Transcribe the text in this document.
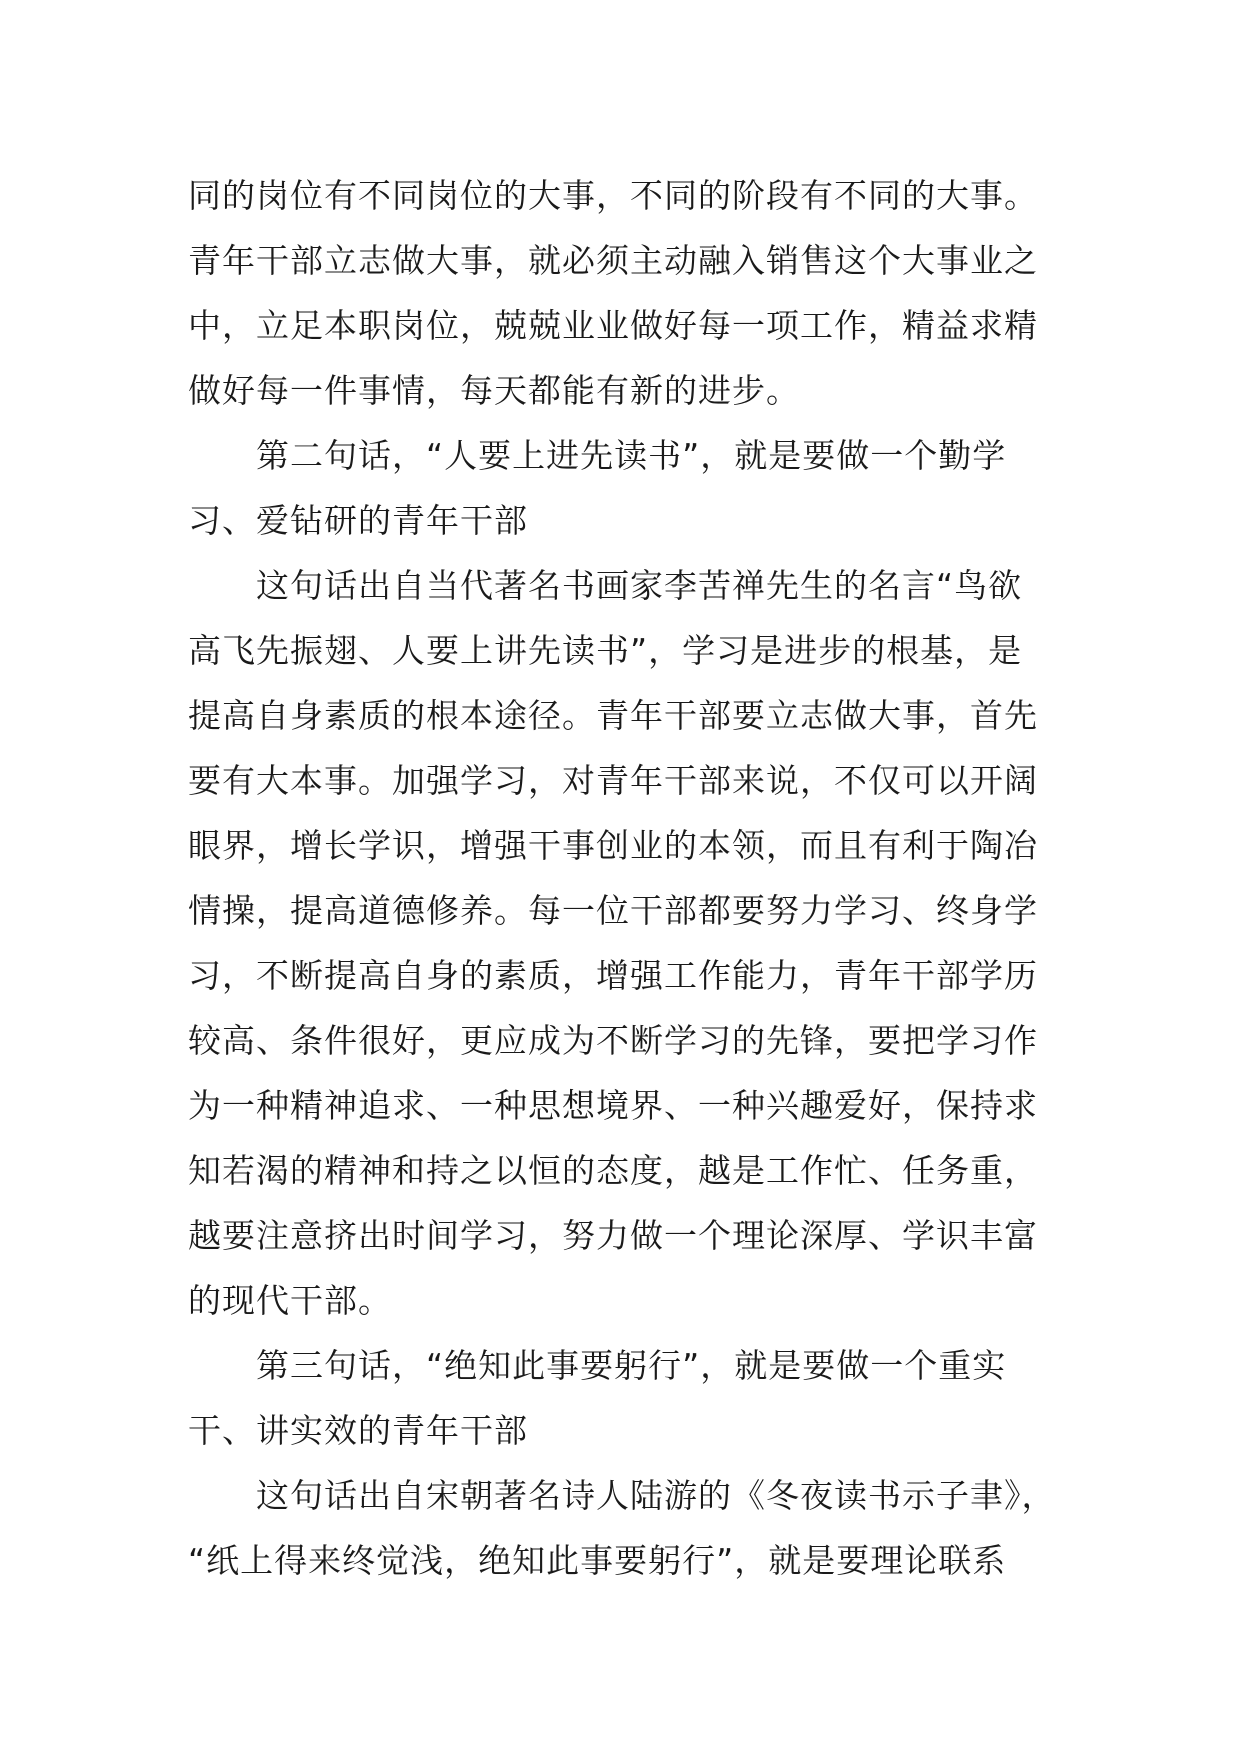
同的岗位有不同岗位的大事，不同的阶段有不同的大事。
青年干部立志做大事，就必须主动融入销售这个大事业之
中，立足本职岗位，兢兢业业做好每一项工作，精益求精
做好每一件事情，每天都能有新的进步。
第二句话，“人要上进先读书”，就是要做一个勤学
习、爱钻研的青年干部
这句话出自当代著名书画家李苦禅先生的名言“鸟欲
高飞先振翅、人要上讲先读书”，学习是进步的根基，是
提高自身素质的根本途径。青年干部要立志做大事，首先
要有大本事。加强学习，对青年干部来说，不仅可以开阔
眼界，增长学识，增强干事创业的本领，而且有利于陶冶
情操，提高道德修养。每一位干部都要努力学习、终身学
习，不断提高自身的素质，增强工作能力，青年干部学历
较高、条件很好，更应成为不断学习的先锋，要把学习作
为一种精神追求、一种思想境界、一种兴趣爱好，保持求
知若渴的精神和持之以恒的态度，越是工作忙、任务重，
越要注意挤出时间学习，努力做一个理论深厚、学识丰富
的现代干部。
第三句话，“绝知此事要躬行”，就是要做一个重实
干、讲实效的青年干部
这句话出自宋朝著名诗人陆游的《冬夜读书示子聿》，
“纸上得来终觉浅，绝知此事要躬行”，就是要理论联系
